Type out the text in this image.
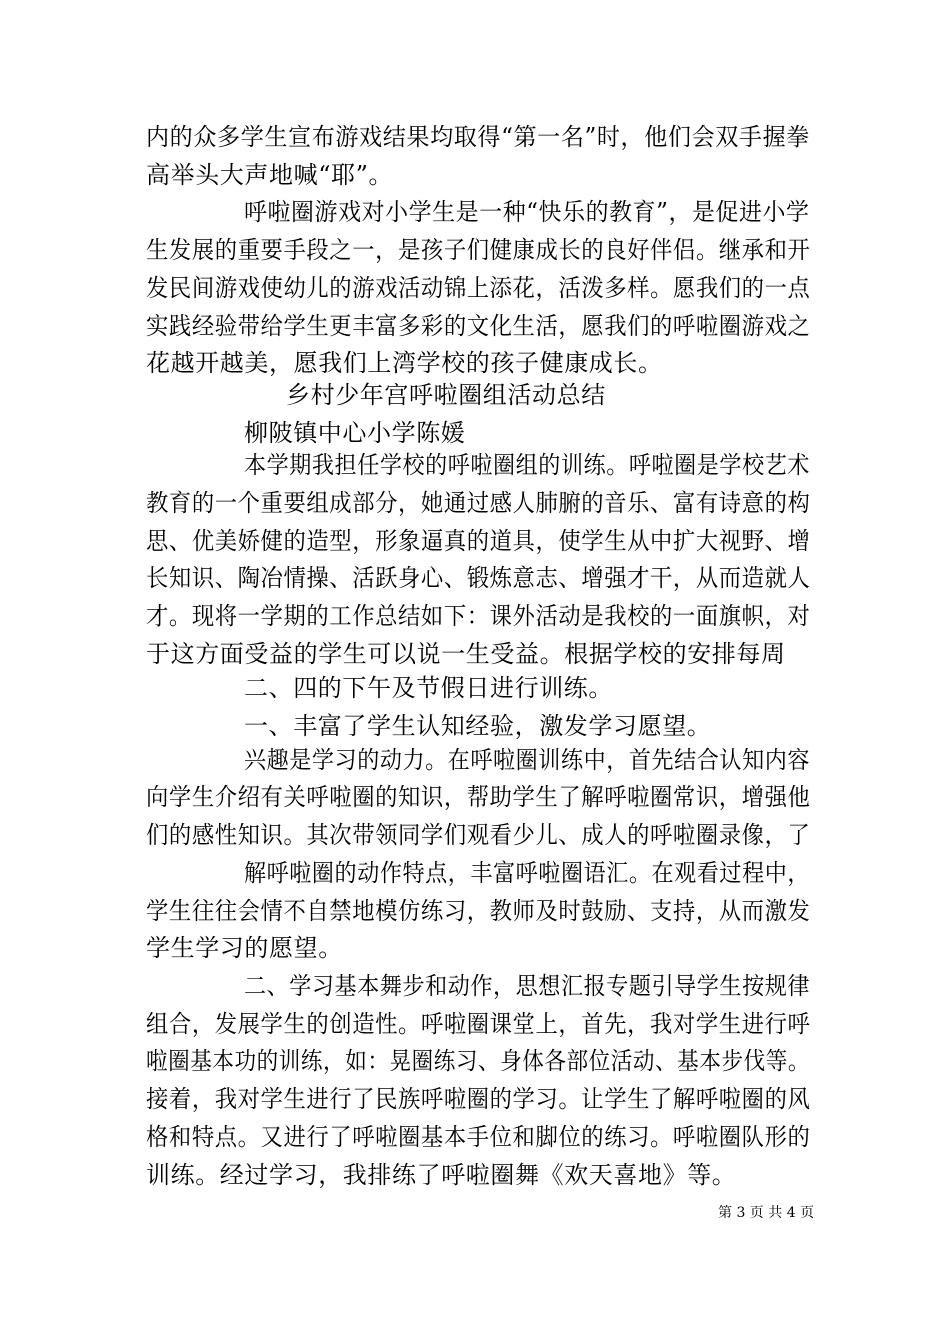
内的众多学生宣布游戏结果均取得“第一名”时，他们会双手握拳
高举头大声地喊“耶”。
呼啦圈游戏对小学生是一种“快乐的教育”，是促进小学
生发展的重要手段之一，是孩子们健康成长的良好伴侣。继承和开
发民间游戏使幼儿的游戏活动锦上添花，活泼多样。愿我们的一点
实践经验带给学生更丰富多彩的文化生活，愿我们的呼啦圈游戏之
花越开越美，愿我们上湾学校的孩子健康成长。
乡村少年宫呼啦圈组活动总结
柳陂镇中心小学陈媛
本学期我担任学校的呼啦圈组的训练。呼啦圈是学校艺术
教育的一个重要组成部分，她通过感人肺腑的音乐、富有诗意的构
思、优美娇健的造型，形象逼真的道具，使学生从中扩大视野、增
长知识、陶冶情操、活跃身心、锻炼意志、增强才干，从而造就人
才。现将一学期的工作总结如下：课外活动是我校的一面旗帜，对
于这方面受益的学生可以说一生受益。根据学校的安排每周
二、四的下午及节假日进行训练。
一、丰富了学生认知经验，激发学习愿望。
兴趣是学习的动力。在呼啦圈训练中，首先结合认知内容
向学生介绍有关呼啦圈的知识，帮助学生了解呼啦圈常识，增强他
们的感性知识。其次带领同学们观看少儿、成人的呼啦圈录像，了
解呼啦圈的动作特点，丰富呼啦圈语汇。在观看过程中，
学生往往会情不自禁地模仿练习，教师及时鼓励、支持，从而激发
学生学习的愿望。
二、学习基本舞步和动作，思想汇报专题引导学生按规律
组合，发展学生的创造性。呼啦圈课堂上，首先，我对学生进行呼
啦圈基本功的训练，如：晃圈练习、身体各部位活动、基本步伐等。
接着，我对学生进行了民族呼啦圈的学习。让学生了解呼啦圈的风
格和特点。又进行了呼啦圈基本手位和脚位的练习。呼啦圈队形的
训练。经过学习，我排练了呼啦圈舞《欢天喜地》等。
第 3 页 共 4 页
